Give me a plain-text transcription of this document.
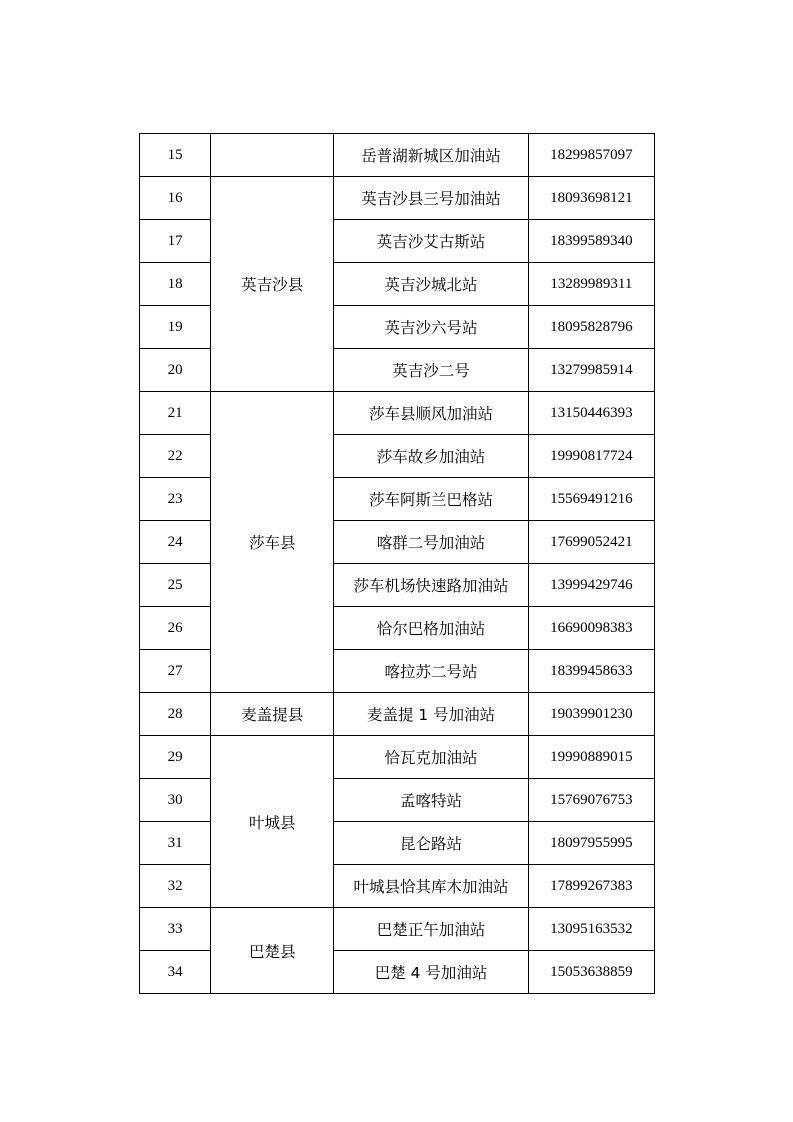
15		岳普湖新城区加油站	18299857097
16	英吉沙县	英吉沙县三号加油站	18093698121
17		英吉沙艾古斯站	18399589340
18		英吉沙城北站	13289989311
19		英吉沙六号站	18095828796
20		英吉沙二号	13279985914
21	莎车县	莎车县顺风加油站	13150446393
22		莎车故乡加油站	19990817724
23		莎车阿斯兰巴格站	15569491216
24		喀群二号加油站	17699052421
25		莎车机场快速路加油站	13999429746
26		恰尔巴格加油站	16690098383
27		喀拉苏二号站	18399458633
28	麦盖提县	麦盖提 1 号加油站	19039901230
29	叶城县	恰瓦克加油站	19990889015
30		孟喀特站	15769076753
31		昆仑路站	18097955995
32		叶城县恰其库木加油站	17899267383
33	巴楚县	巴楚正午加油站	13095163532
34		巴楚 4 号加油站	15053638859
